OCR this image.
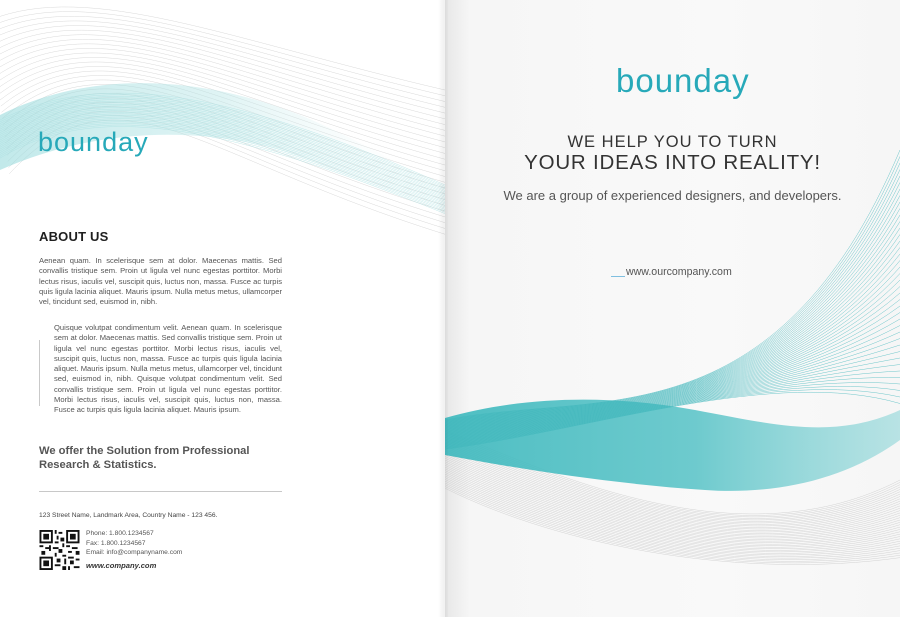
bounday
ABOUT US

Aenean quam. In scelerisque sem at dolor. Maecenas mattis. Sed convallis tristique sem. Proin ut ligula vel nunc egestas porttitor. Morbi lectus risus, iaculis vel, suscipit quis, luctus non, massa. Fusce ac turpis quis ligula lacinia aliquet. Mauris ipsum. Nulla metus metus, ullamcorper vel, tincidunt sed, euismod in, nibh.

Quisque volutpat condimentum velit. Aenean quam. In scelerisque sem at dolor. Maecenas mattis. Sed convallis tristique sem. Proin ut ligula vel nunc egestas porttitor. Morbi lectus risus, iaculis vel, suscipit quis, luctus non, massa. Fusce ac turpis quis ligula lacinia aliquet. Mauris ipsum. Nulla metus metus, ullamcorper vel, tincidunt sed, euismod in, nibh. Quisque volutpat condimentum velit. Sed convallis tristique sem. Proin ut ligula vel nunc egestas porttitor. Morbi lectus risus, iaculis vel, suscipit quis, luctus non, massa. Fusce ac turpis quis ligula lacinia aliquet. Mauris ipsum.

We offer the Solution from Professional Research & Statistics.

123 Street Name, Landmark Area, Country Name - 123 456.
Phone: 1.800.1234567
Fax: 1.800.1234567
Email: info@companyname.com
www.company.com
bounday
WE HELP YOU TO TURN
YOUR IDEAS INTO REALITY!
We are a group of experienced designers, and developers.
www.ourcompany.com
